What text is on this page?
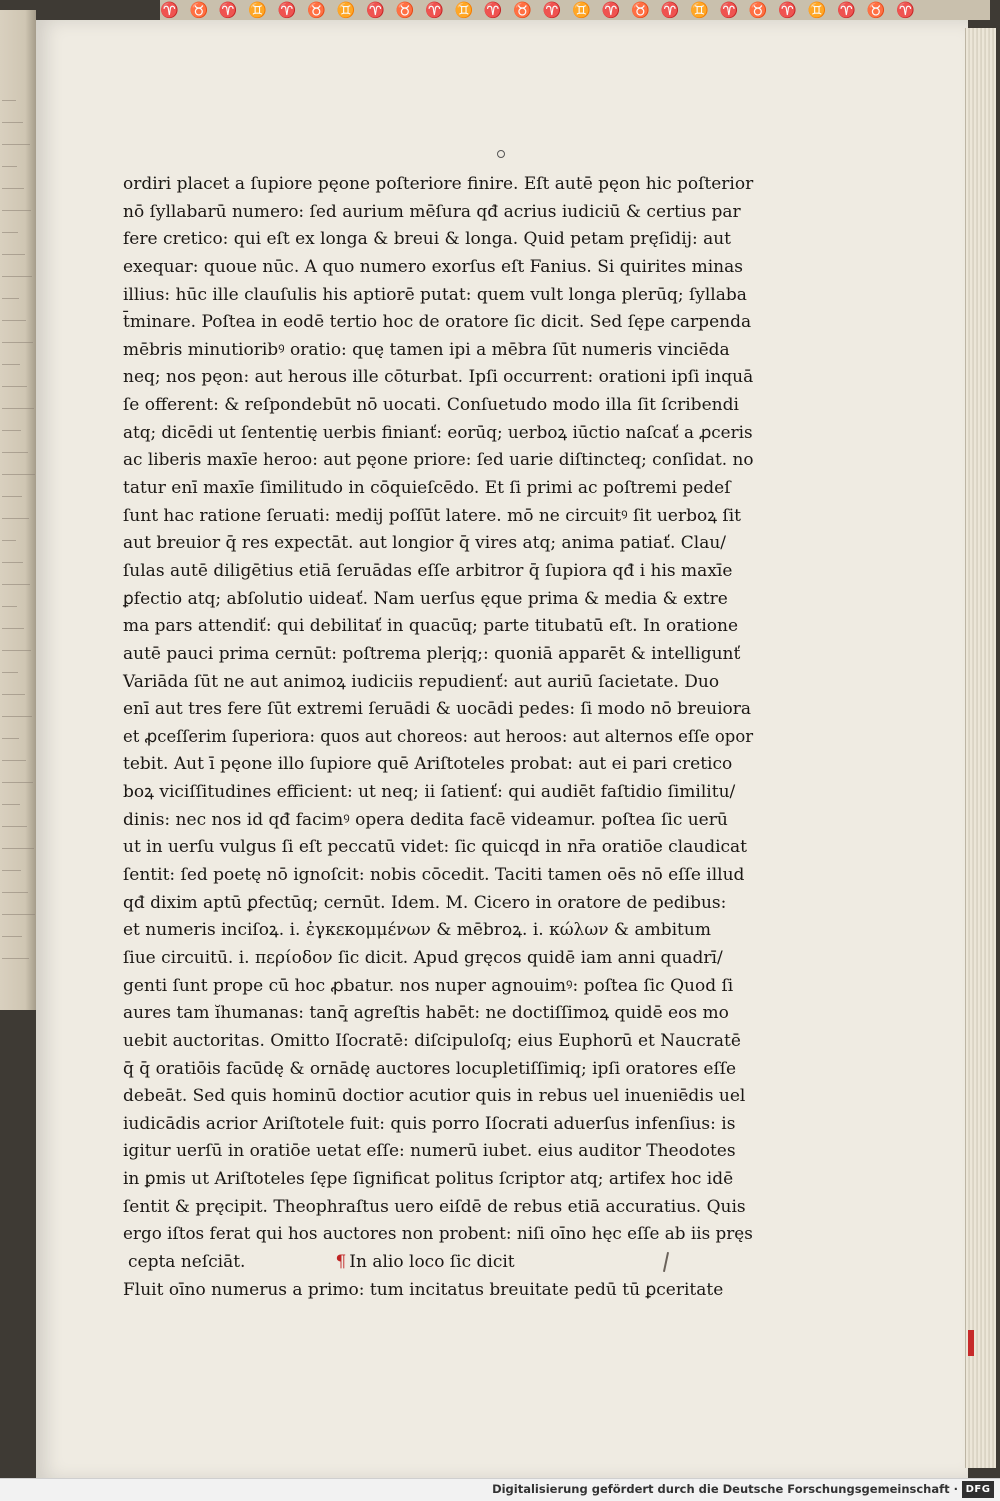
♈ ♉ ♈ ♊ ♈ ♉ ♊ ♈ ♉ ♈ ♊ ♈ ♉ ♈ ♊ ♈ ♉ ♈ ♊ ♈ ♉ ♈ ♊ ♈ ♉ ♈
ordiri placet a ſupiore pęone poſteriore finire. Eſt autē pęon hic poſterior
nō ſyllabarū numero: ſed aurium mēſura qđ acrius iudiciū & certius par
fere cretico: qui eſt ex longa & breui & longa. Quid petam pręſidij: aut
exequar: quoue nūc. A quo numero exorſus eſt Fanius. Si quirites minas
illius: hūc ille clauſulis his aptiorē putat: quem vult longa plerūq; ſyllaba
t̄minare. Poſtea in eodē tertio hoc de oratore ſic dicit. Sed ſępe carpenda
mēbris minutioribꝰ oratio: quę tamen ipi a mēbra ſūt numeris vinciēda
neq; nos pęon: aut herous ille cōturbat. Ipſi occurrent: orationi ipſi inquā
ſe offerent: & reſpondebūt nō uocati. Conſuetudo modo illa ſit ſcribendi
atq; dicēdi ut ſententię uerbis finianť: eorūq; uerboꝝ iūctio naſcať a ꝓceris
ac liberis maxīe heroo: aut pęone priore: ſed uarie diſtincteq; conſidat. no
tatur enī maxīe ſimilitudo in cōquieſcēdo. Et ſi primi ac poſtremi pedeſ
ſunt hac ratione ſeruati: medij poſſūt latere. mō ne circuitꝰ ſit uerboꝝ ſit
aut breuior q̄ res expectāt. aut longior q̄ vires atq; anima patiať. Clau/
ſulas autē diligētius etiā ſeruādas eſſe arbitror q̄ ſupiora qđ i his maxīe
ꝑfectio atq; abſolutio uideať. Nam uerſus ęque prima & media & extre
ma pars attendiť: qui debilitať in quacūq; parte titubatū eſt. In oratione
autē pauci prima cernūt: poſtrema plerįq;: quoniā apparēt & intelligunť
Variāda ſūt ne aut animoꝝ iudiciis repudienť: aut auriū ſacietate. Duo
enī aut tres fere ſūt extremi ſeruādi & uocādi pedes: ſi modo nō breuiora
et ꝓceſſerim ſuperiora: quos aut choreos: aut heroos: aut alternos eſſe opor
tebit. Aut ī pęone illo ſupiore quē Ariſtoteles probat: aut ei pari cretico
boꝝ viciſſitudines efficient: ut neq; ii ſatienť: qui audiēt faſtidio ſimilitu/
dinis: nec nos id qđ facimꝰ opera dedita facē videamur. poſtea ſic uerū
ut in uerſu vulgus ſi eſt peccatū videt: ſic quicqd in nr̄a oratiōe claudicat
ſentit: ſed poetę nō ignoſcit: nobis cōcedit. Taciti tamen oēs nō eſſe illud
qđ dixim aptū ꝑfectūq; cernūt. Idem. M. Cicero in oratore de pedibus:
et numeris inciſoꝝ. i. ἐγκεκομμένων & mēbroꝝ. i. κώλων & ambitum
ſiue circuitū. i. περίοδον ſic dicit. Apud gręcos quidē iam anni quadrī/
genti ſunt prope cū hoc ꝓbatur. nos nuper agnouimꝰ: poſtea ſic Quod ſi
aures tam ĭhumanas: tanq̄ agreſtis habēt: ne doctiſſimoꝝ quidē eos mo
uebit auctoritas. Omitto Iſocratē: diſcipuloſq; eius Euphorū et Naucratē
q̄ q̄ oratiōis facūdę & ornādę auctores locupletiſſimiq; ipſi oratores eſſe
debeāt. Sed quis hominū doctior acutior quis in rebus uel inueniēdis uel
iudicādis acrior Ariſtotele fuit: quis porro Iſocrati aduerſus infenſius: is
igitur uerſū in oratiōe uetat eſſe: numerū iubet. eius auditor Theodotes
in ꝑmis ut Ariſtoteles ſępe ſignificat politus ſcriptor atq; artifex hoc idē
ſentit & pręcipit. Theophraſtus uero eiſdē de rebus etiā accuratius. Quis
ergo iſtos ferat qui hos auctores non probent: niſi oīno hęc eſſe ab iis pręs
cepta neſciāt.	¶ In alio loco ſic dicit
Fluit oīno numerus a primo: tum incitatus breuitate pedū tū ꝑceritate
Digitalisierung gefördert durch die Deutsche Forschungsgemeinschaft · DFG
